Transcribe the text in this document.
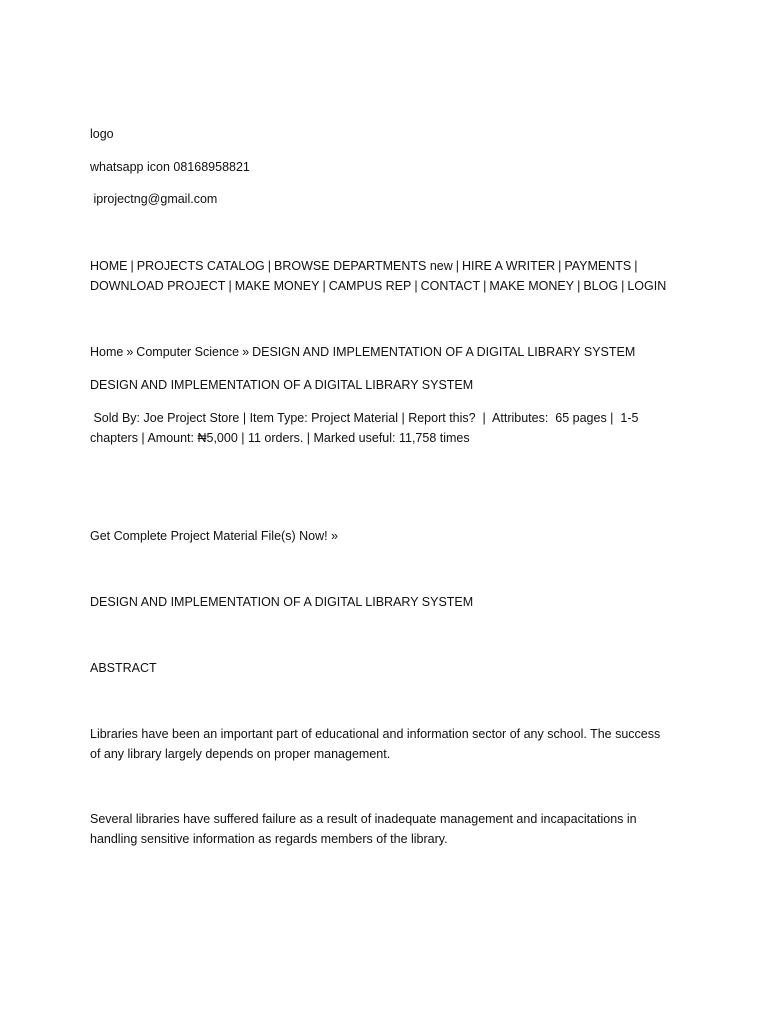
logo

whatsapp icon 08168958821

iprojectng@gmail.com

HOME | PROJECTS CATALOG | BROWSE DEPARTMENTS new | HIRE A WRITER | PAYMENTS |
DOWNLOAD PROJECT | MAKE MONEY | CAMPUS REP | CONTACT | MAKE MONEY | BLOG | LOGIN
Home » Computer Science » DESIGN AND IMPLEMENTATION OF A DIGITAL LIBRARY SYSTEM
DESIGN AND IMPLEMENTATION OF A DIGITAL LIBRARY SYSTEM

Sold By: Joe Project Store | Item Type: Project Material | Report this?  |  Attributes:  65 pages |  1-5

chapters | Amount: ₦5,000 | 11 orders. | Marked useful: 11,758 times

Get Complete Project Material File(s) Now! »

DESIGN AND IMPLEMENTATION OF A DIGITAL LIBRARY SYSTEM
ABSTRACT

Libraries have been an important part of educational and information sector of any school. The success

of any library largely depends on proper management.

Several libraries have suffered failure as a result of inadequate management and incapacitations in

handling sensitive information as regards members of the library.
